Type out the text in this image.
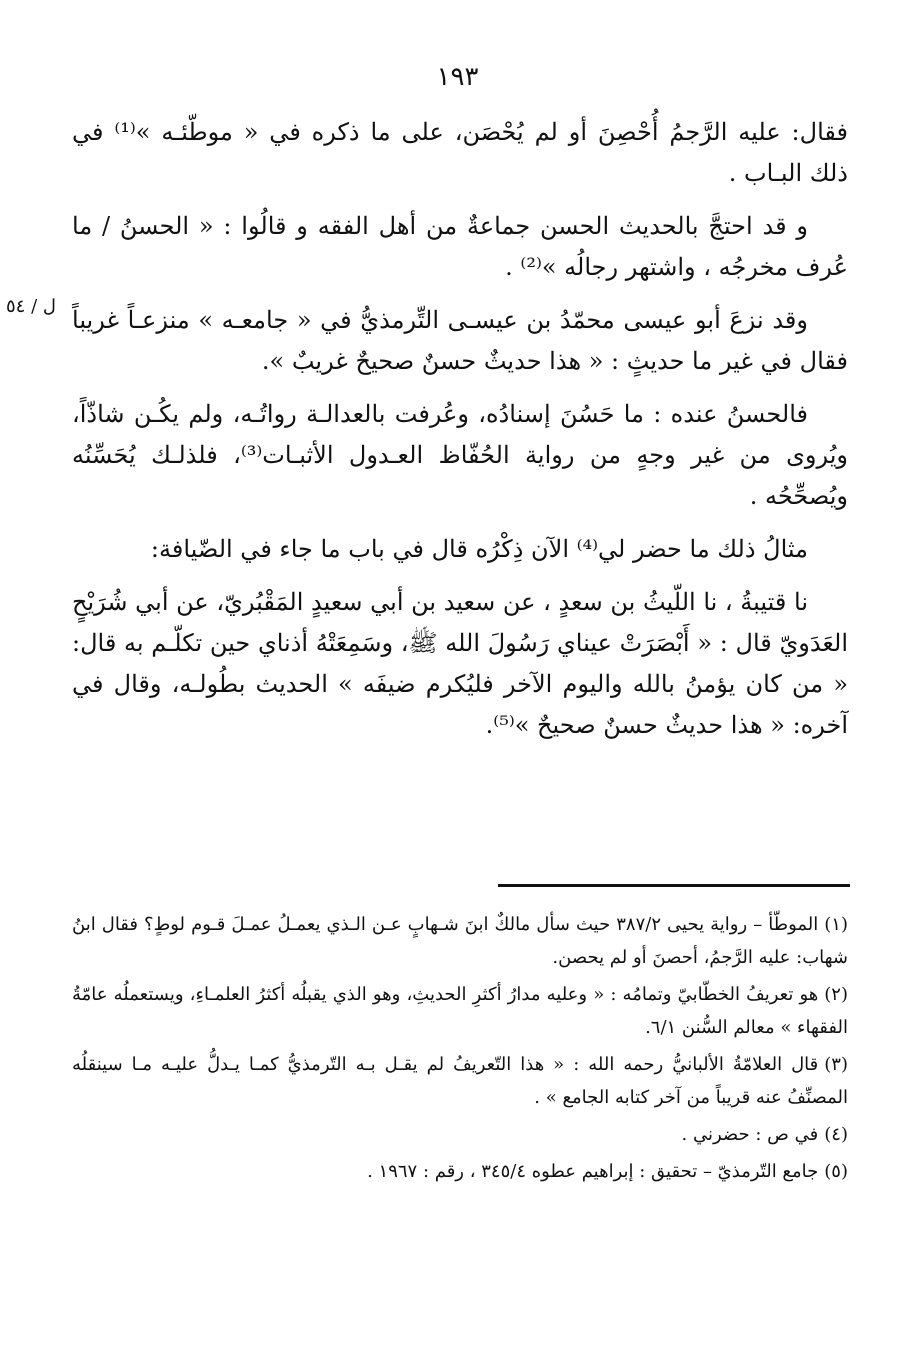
١٩٣
ل / ٥٤

فقال: عليه الرَّجمُ أُحْصِنَ أو لم يُحْصَن، على ما ذكره في « موطّئـه »⁽¹⁾ في ذلك البـاب .

و قد احتجَّ بالحديث الحسن جماعةٌ من أهل الفقه و قالُوا : « الحسنُ / ما عُرف مخرجُه ، واشتهر رجالُه »⁽²⁾ .

وقد نزعَ أبو عيسى محمّدُ بن عيسـى التِّرمذيُّ في « جامعـه » منزعـاً غريباً فقال في غير ما حديثٍ : « هذا حديثٌ حسنٌ صحيحٌ غريبٌ ».

فالحسنُ عنده : ما حَسُنَ إسنادُه، وعُرفت بالعدالـة رواتُـه، ولم يكُـن شاذّاً، ويُروى من غير وجهٍ من رواية الحُفّاظ العـدول الأثبـات⁽³⁾، فلذلـك يُحَسِّنُه ويُصحِّحُه .

مثالُ ذلك ما حضر لي⁽⁴⁾ الآن ذِكْرُه قال في باب ما جاء في الضّيافة:

نا قتيبةُ ، نا اللّيثُ بن سعدٍ ، عن سعيد بن أبي سعيدٍ المَقْبُريّ، عن أبي شُرَيْحٍ العَدَويّ قال : « أَبْصَرَتْ عيناي رَسُولَ الله ﷺ، وسَمِعَتْهُ أذناي حين تكلّـم به قال: « من كان يؤمنُ بالله واليوم الآخر فليُكرم ضيفَه » الحديث بطُولـه، وقال في آخره: « هذا حديثٌ حسنٌ صحيحٌ »⁽⁵⁾.

(١)الموطّأ – رواية يحيى ٣٨٧/٢ حيث سأل مالكٌ ابنَ شـهابٍ عـن الـذي يعمـلُ عمـلَ قـوم لوطٍ؟ فقال ابنُ شهاب: عليه الرَّجمُ، أحصنَ أو لم يحصن.
(٢)هو تعريفُ الخطّابيّ وتمامُه : « وعليه مدارُ أكثرِ الحديثِ، وهو الذي يقبلُه أكثرُ العلمـاءِ، ويستعملُه عامّةُ الفقهاء » معالم السُّنن ٦/١.
(٣)قال العلامّةُ الألبانيُّ رحمه الله : « هذا التّعريفُ لم يقـل بـه التّرمذيُّ كمـا يـدلُّ عليـه مـا سينقلُه المصنِّفُ عنه قريباً من آخر كتابه الجامع » .
(٤)في ص : حضرني .
(٥)جامع التّرمذيّ – تحقيق : إبراهيم عطوه ٣٤٥/٤ ، رقم : ١٩٦٧ .
